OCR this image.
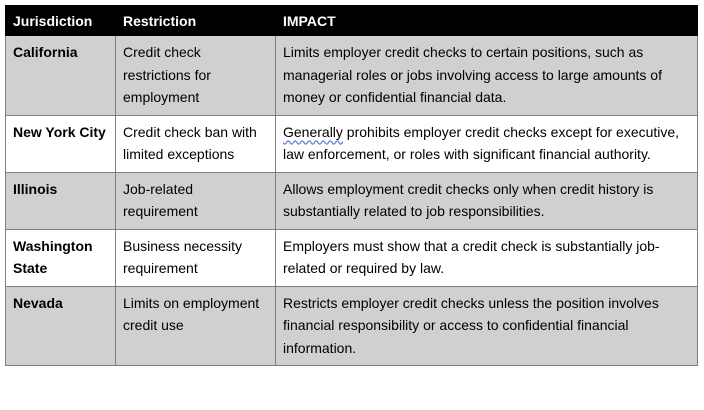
Jurisdiction	Restriction	IMPACT
California	Credit check restrictions for employment	Limits employer credit checks to certain positions, such as managerial roles or jobs involving access to large amounts of money or confidential financial data.
New York City	Credit check ban with limited exceptions	Generally prohibits employer credit checks except for executive, law enforcement, or roles with significant financial authority.
Illinois	Job-related requirement	Allows employment credit checks only when credit history is substantially related to job responsibilities.
Washington State	Business necessity requirement	Employers must show that a credit check is substantially job-related or required by law.
Nevada	Limits on employment credit use	Restricts employer credit checks unless the position involves financial responsibility or access to confidential financial information.
